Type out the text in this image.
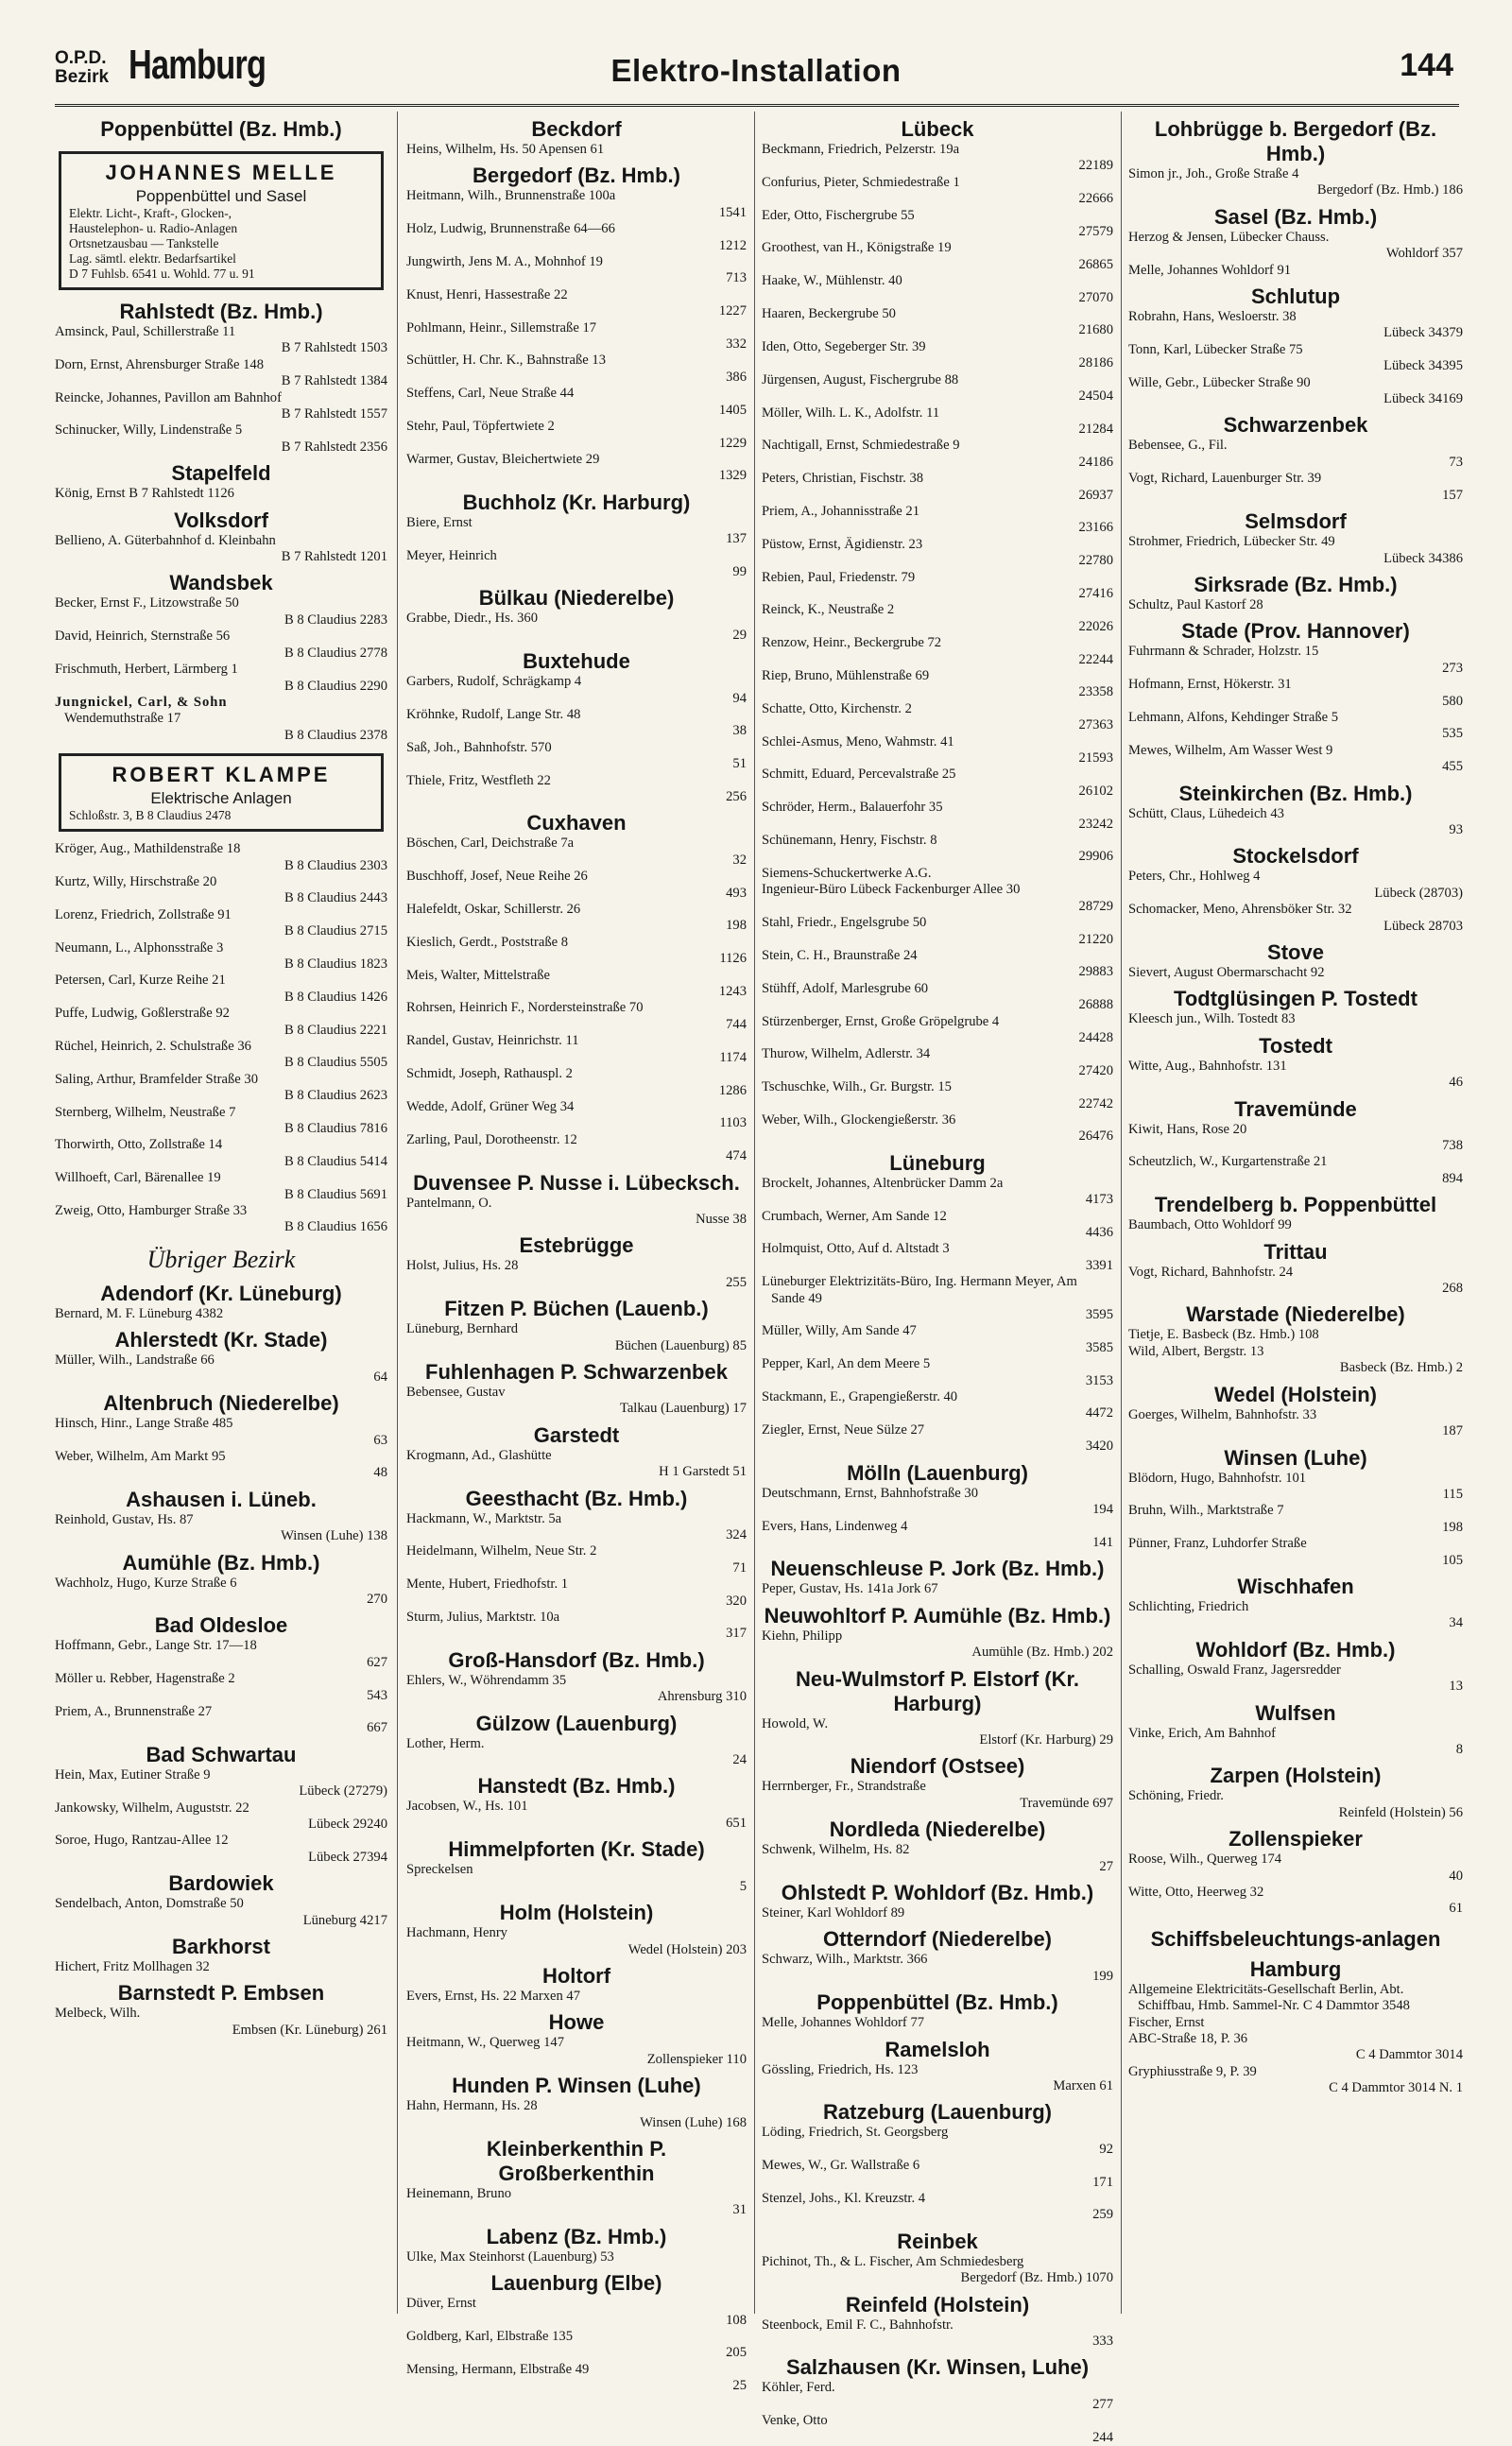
O.P.D.
Bezirk Hamburg	Elektro-Installation	144
Poppenbüttel (Bz. Hmb.)
JOHANNES MELLE
Poppenbüttel und Sasel
Elektr. Licht-, Kraft-, Glocken-,
Haustelephon- u. Radio-Anlagen
Ortsnetzausbau — Tankstelle
Lag. sämtl. elektr. Bedarfsartikel
D 7 Fuhlsb. 6541 u. Wohld. 77 u. 91
Rahlstedt (Bz. Hmb.)
Amsinck, Paul, Schillerstraße 11
B 7 Rahlstedt 1503
Dorn, Ernst, Ahrensburger Straße 148
B 7 Rahlstedt 1384
Reincke, Johannes, Pavillon am Bahnhof
B 7 Rahlstedt 1557
Schinucker, Willy, Lindenstraße 5
B 7 Rahlstedt 2356
Stapelfeld
König, Ernst B 7 Rahlstedt 1126
Volksdorf
Bellieno, A. Güterbahnhof d. Kleinbahn
B 7 Rahlstedt 1201
Wandsbek
Becker, Ernst F., Litzowstraße 50
B 8 Claudius 2283
David, Heinrich, Sternstraße 56
B 8 Claudius 2778
Frischmuth, Herbert, Lärmberg 1
B 8 Claudius 2290
Jungnickel, Carl, & Sohn
Wendemuthstraße 17
B 8 Claudius 2378
ROBERT KLAMPE
Elektrische Anlagen
Schloßstr. 3, B 8 Claudius 2478
Kröger, Aug., Mathildenstraße 18
B 8 Claudius 2303
Kurtz, Willy, Hirschstraße 20
B 8 Claudius 2443
Lorenz, Friedrich, Zollstraße 91
B 8 Claudius 2715
Neumann, L., Alphonsstraße 3
B 8 Claudius 1823
Petersen, Carl, Kurze Reihe 21
B 8 Claudius 1426
Puffe, Ludwig, Goßlerstraße 92
B 8 Claudius 2221
Rüchel, Heinrich, 2. Schulstraße 36
B 8 Claudius 5505
Saling, Arthur, Bramfelder Straße 30
B 8 Claudius 2623
Sternberg, Wilhelm, Neustraße 7
B 8 Claudius 7816
Thorwirth, Otto, Zollstraße 14
B 8 Claudius 5414
Willhoeft, Carl, Bärenallee 19
B 8 Claudius 5691
Zweig, Otto, Hamburger Straße 33
B 8 Claudius 1656
Übriger Bezirk
Adendorf (Kr. Lüneburg)
Bernard, M. F. Lüneburg 4382
Ahlerstedt (Kr. Stade)
Müller, Wilh., Landstraße 66
64
Altenbruch (Niederelbe)
Hinsch, Hinr., Lange Straße 485
63
Weber, Wilhelm, Am Markt 95
48
Ashausen i. Lüneb.
Reinhold, Gustav, Hs. 87
Winsen (Luhe) 138
Aumühle (Bz. Hmb.)
Wachholz, Hugo, Kurze Straße 6
270
Bad Oldesloe
Hoffmann, Gebr., Lange Str. 17—18
627
Möller u. Rebber, Hagenstraße 2
543
Priem, A., Brunnenstraße 27
667
Bad Schwartau
Hein, Max, Eutiner Straße 9
Lübeck (27279)
Jankowsky, Wilhelm, Auguststr. 22
Lübeck 29240
Soroe, Hugo, Rantzau-Allee 12
Lübeck 27394
Bardowiek
Sendelbach, Anton, Domstraße 50
Lüneburg 4217
Barkhorst
Hichert, Fritz Mollhagen 32
Barnstedt P. Embsen
Melbeck, Wilh.
Embsen (Kr. Lüneburg) 261
Beckdorf
Heins, Wilhelm, Hs. 50 Apensen 61
Bergedorf (Bz. Hmb.)
Heitmann, Wilh., Brunnenstraße 100a
1541
Holz, Ludwig, Brunnenstraße 64—66
1212
Jungwirth, Jens M. A., Mohnhof 19
713
Knust, Henri, Hassestraße 22
1227
Pohlmann, Heinr., Sillemstraße 17
332
Schüttler, H. Chr. K., Bahnstraße 13
386
Steffens, Carl, Neue Straße 44
1405
Stehr, Paul, Töpfertwiete 2
1229
Warmer, Gustav, Bleichertwiete 29
1329
Buchholz (Kr. Harburg)
Biere, Ernst
137
Meyer, Heinrich
99
Bülkau (Niederelbe)
Grabbe, Diedr., Hs. 360
29
Buxtehude
Garbers, Rudolf, Schrägkamp 4
94
Kröhnke, Rudolf, Lange Str. 48
38
Saß, Joh., Bahnhofstr. 570
51
Thiele, Fritz, Westfleth 22
256
Cuxhaven
Böschen, Carl, Deichstraße 7a
32
Buschhoff, Josef, Neue Reihe 26
493
Halefeldt, Oskar, Schillerstr. 26
198
Kieslich, Gerdt., Poststraße 8
1126
Meis, Walter, Mittelstraße
1243
Rohrsen, Heinrich F., Nordersteinstraße 70
744
Randel, Gustav, Heinrichstr. 11
1174
Schmidt, Joseph, Rathauspl. 2
1286
Wedde, Adolf, Grüner Weg 34
1103
Zarling, Paul, Dorotheenstr. 12
474
Duvensee P. Nusse i. Lübecksch.
Pantelmann, O.
Nusse 38
Estebrügge
Holst, Julius, Hs. 28
255
Fitzen P. Büchen (Lauenb.)
Lüneburg, Bernhard
Büchen (Lauenburg) 85
Fuhlenhagen P. Schwarzenbek
Bebensee, Gustav
Talkau (Lauenburg) 17
Garstedt
Krogmann, Ad., Glashütte
H 1 Garstedt 51
Geesthacht (Bz. Hmb.)
Hackmann, W., Marktstr. 5a
324
Heidelmann, Wilhelm, Neue Str. 2
71
Mente, Hubert, Friedhofstr. 1
320
Sturm, Julius, Marktstr. 10a
317
Groß-Hansdorf (Bz. Hmb.)
Ehlers, W., Wöhrendamm 35
Ahrensburg 310
Gülzow (Lauenburg)
Lother, Herm.
24
Hanstedt (Bz. Hmb.)
Jacobsen, W., Hs. 101
651
Himmelpforten (Kr. Stade)
Spreckelsen
5
Holm (Holstein)
Hachmann, Henry
Wedel (Holstein) 203
Holtorf
Evers, Ernst, Hs. 22 Marxen 47
Howe
Heitmann, W., Querweg 147
Zollenspieker 110
Hunden P. Winsen (Luhe)
Hahn, Hermann, Hs. 28
Winsen (Luhe) 168
Kleinberkenthin P. Großberkenthin
Heinemann, Bruno
31
Labenz (Bz. Hmb.)
Ulke, Max Steinhorst (Lauenburg) 53
Lauenburg (Elbe)
Düver, Ernst
108
Goldberg, Karl, Elbstraße 135
205
Mensing, Hermann, Elbstraße 49
25
Lübeck
Beckmann, Friedrich, Pelzerstr. 19a
22189
Confurius, Pieter, Schmiedestraße 1
22666
Eder, Otto, Fischergrube 55
27579
Groothest, van H., Königstraße 19
26865
Haake, W., Mühlenstr. 40
27070
Haaren, Beckergrube 50
21680
Iden, Otto, Segeberger Str. 39
28186
Jürgensen, August, Fischergrube 88
24504
Möller, Wilh. L. K., Adolfstr. 11
21284
Nachtigall, Ernst, Schmiedestraße 9
24186
Peters, Christian, Fischstr. 38
26937
Priem, A., Johannisstraße 21
23166
Püstow, Ernst, Ägidienstr. 23
22780
Rebien, Paul, Friedenstr. 79
27416
Reinck, K., Neustraße 2
22026
Renzow, Heinr., Beckergrube 72
22244
Riep, Bruno, Mühlenstraße 69
23358
Schatte, Otto, Kirchenstr. 2
27363
Schlei-Asmus, Meno, Wahmstr. 41
21593
Schmitt, Eduard, Percevalstraße 25
26102
Schröder, Herm., Balauerfohr 35
23242
Schünemann, Henry, Fischstr. 8
29906
Siemens-Schuckertwerke A.G.
Ingenieur-Büro Lübeck Fackenburger Allee 30
28729
Stahl, Friedr., Engelsgrube 50
21220
Stein, C. H., Braunstraße 24
29883
Stühff, Adolf, Marlesgrube 60
26888
Stürzenberger, Ernst, Große Gröpelgrube 4
24428
Thurow, Wilhelm, Adlerstr. 34
27420
Tschuschke, Wilh., Gr. Burgstr. 15
22742
Weber, Wilh., Glockengießerstr. 36
26476
Lüneburg
Brockelt, Johannes, Altenbrücker Damm 2a
4173
Crumbach, Werner, Am Sande 12
4436
Holmquist, Otto, Auf d. Altstadt 3
3391
Lüneburger Elektrizitäts-Büro, Ing. Hermann Meyer, Am Sande 49
3595
Müller, Willy, Am Sande 47
3585
Pepper, Karl, An dem Meere 5
3153
Stackmann, E., Grapengießerstr. 40
4472
Ziegler, Ernst, Neue Sülze 27
3420
Mölln (Lauenburg)
Deutschmann, Ernst, Bahnhofstraße 30
194
Evers, Hans, Lindenweg 4
141
Neuenschleuse P. Jork (Bz. Hmb.)
Peper, Gustav, Hs. 141a Jork 67
Neuwohltorf P. Aumühle (Bz. Hmb.)
Kiehn, Philipp
Aumühle (Bz. Hmb.) 202
Neu-Wulmstorf P. Elstorf (Kr. Harburg)
Howold, W.
Elstorf (Kr. Harburg) 29
Niendorf (Ostsee)
Herrnberger, Fr., Strandstraße
Travemünde 697
Nordleda (Niederelbe)
Schwenk, Wilhelm, Hs. 82
27
Ohlstedt P. Wohldorf (Bz. Hmb.)
Steiner, Karl Wohldorf 89
Otterndorf (Niederelbe)
Schwarz, Wilh., Marktstr. 366
199
Poppenbüttel (Bz. Hmb.)
Melle, Johannes Wohldorf 77
Ramelsloh
Gössling, Friedrich, Hs. 123
Marxen 61
Ratzeburg (Lauenburg)
Löding, Friedrich, St. Georgsberg
92
Mewes, W., Gr. Wallstraße 6
171
Stenzel, Johs., Kl. Kreuzstr. 4
259
Reinbek
Pichinot, Th., & L. Fischer, Am Schmiedesberg
Bergedorf (Bz. Hmb.) 1070
Reinfeld (Holstein)
Steenbock, Emil F. C., Bahnhofstr.
333
Salzhausen (Kr. Winsen, Luhe)
Köhler, Ferd.
277
Venke, Otto
244
Lohbrügge b. Bergedorf (Bz. Hmb.)
Simon jr., Joh., Große Straße 4
Bergedorf (Bz. Hmb.) 186
Sasel (Bz. Hmb.)
Herzog & Jensen, Lübecker Chauss.
Wohldorf 357
Melle, Johannes Wohldorf 91
Schlutup
Robrahn, Hans, Wesloerstr. 38
Lübeck 34379
Tonn, Karl, Lübecker Straße 75
Lübeck 34395
Wille, Gebr., Lübecker Straße 90
Lübeck 34169
Schwarzenbek
Bebensee, G., Fil.
73
Vogt, Richard, Lauenburger Str. 39
157
Selmsdorf
Strohmer, Friedrich, Lübecker Str. 49
Lübeck 34386
Sirksrade (Bz. Hmb.)
Schultz, Paul Kastorf 28
Stade (Prov. Hannover)
Fuhrmann & Schrader, Holzstr. 15
273
Hofmann, Ernst, Hökerstr. 31
580
Lehmann, Alfons, Kehdinger Straße 5
535
Mewes, Wilhelm, Am Wasser West 9
455
Steinkirchen (Bz. Hmb.)
Schütt, Claus, Lühedeich 43
93
Stockelsdorf
Peters, Chr., Hohlweg 4
Lübeck (28703)
Schomacker, Meno, Ahrensböker Str. 32
Lübeck 28703
Stove
Sievert, August Obermarschacht 92
Todtglüsingen P. Tostedt
Kleesch jun., Wilh. Tostedt 83
Tostedt
Witte, Aug., Bahnhofstr. 131
46
Travemünde
Kiwit, Hans, Rose 20
738
Scheutzlich, W., Kurgartenstraße 21
894
Trendelberg b. Poppenbüttel
Baumbach, Otto Wohldorf 99
Trittau
Vogt, Richard, Bahnhofstr. 24
268
Warstade (Niederelbe)
Tietje, E. Basbeck (Bz. Hmb.) 108
Wild, Albert, Bergstr. 13
Basbeck (Bz. Hmb.) 2
Wedel (Holstein)
Goerges, Wilhelm, Bahnhofstr. 33
187
Winsen (Luhe)
Blödorn, Hugo, Bahnhofstr. 101
115
Bruhn, Wilh., Marktstraße 7
198
Pünner, Franz, Luhdorfer Straße
105
Wischhafen
Schlichting, Friedrich
34
Wohldorf (Bz. Hmb.)
Schalling, Oswald Franz, Jagersredder
13
Wulfsen
Vinke, Erich, Am Bahnhof
8
Zarpen (Holstein)
Schöning, Friedr.
Reinfeld (Holstein) 56
Zollenspieker
Roose, Wilh., Querweg 174
40
Witte, Otto, Heerweg 32
61
Schiffsbeleuchtungs-anlagen
Hamburg
Allgemeine Elektricitäts-Gesellschaft Berlin, Abt. Schiffbau, Hmb. Sammel-Nr. C 4 Dammtor 3548
Fischer, Ernst
ABC-Straße 18, P. 36
C 4 Dammtor 3014
Gryphiusstraße 9, P. 39
C 4 Dammtor 3014 N. 1
